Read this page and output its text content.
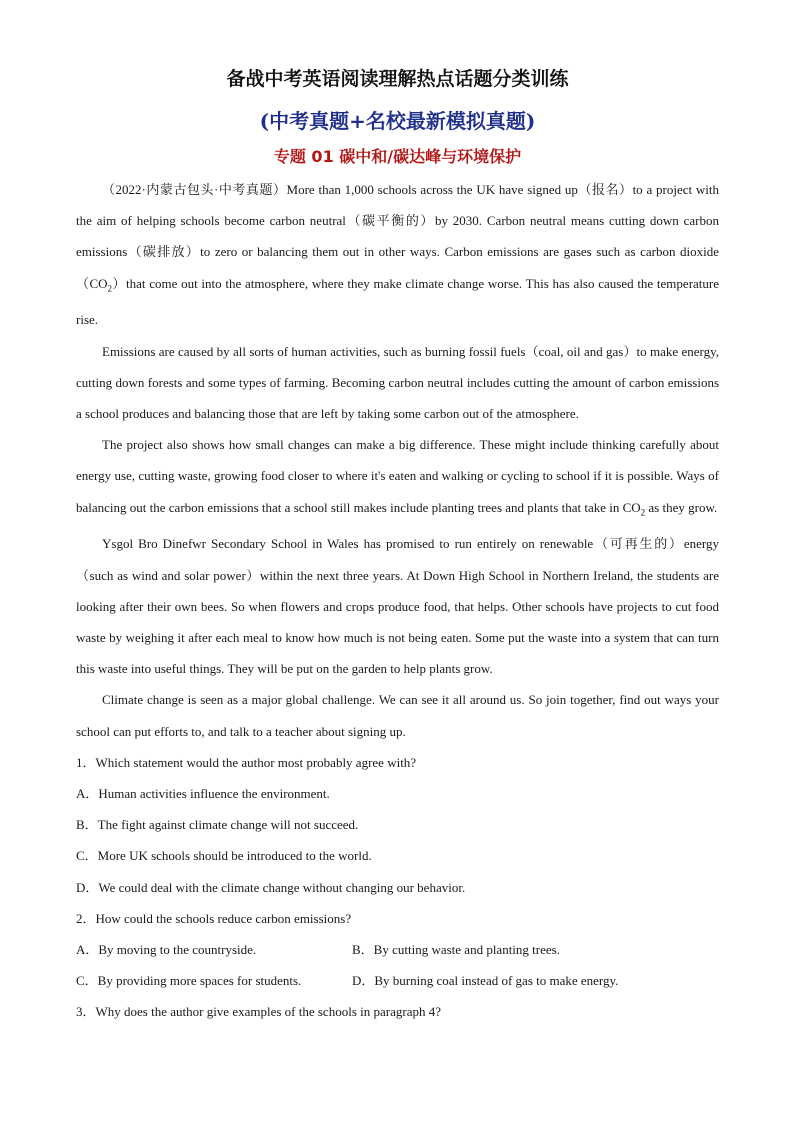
备战中考英语阅读理解热点话题分类训练
(中考真题+名校最新模拟真题)
专题 01 碳中和/碳达峰与环境保护

（2022·内蒙古包头·中考真题）More than 1,000 schools across the UK have signed up（报名）to a project with the aim of helping schools become carbon neutral（碳平衡的）by 2030. Carbon neutral means cutting down carbon emissions（碳排放）to zero or balancing them out in other ways. Carbon emissions are gases such as carbon $dioxide(CO_2)that$ come out into the atmosphere, where they make climate change worse. This has also caused the temperature rise.

Emissions are caused by all sorts of human activities, such as burning fossil fuels（coal, oil and gas）to make energy, cutting down forests and some types of farming. Becoming carbon neutral includes cutting the amount of carbon emissions a school produces and balancing those that are left by taking some carbon out of the atmosphere.

The project also shows how small changes can make a big difference. These might include thinking carefully about energy use, cutting waste, growing food closer to where it's eaten and walking or cycling to school if it is possible. Ways of balancing out the carbon emissions that a school still makes include planting trees and plants that take in $CO_2$ as they grow.

Ysgol Bro Dinefwr Secondary School in Wales has promised to run entirely on renewable（可再生的）energy（such as wind and solar power）within the next three years. At Down High School in Northern Ireland, the students are looking after their own bees. So when flowers and crops produce food, that helps. Other schools have projects to cut food waste by weighing it after each meal to know how much is not being eaten. Some put the waste into a system that can turn this waste into useful things. They will be put on the garden to help plants grow.

Climate change is seen as a major global challenge. We can see it all around us. So join together, find out ways your school can put efforts to, and talk to a teacher about signing up.

1．Which statement would the author most probably agree with?

A．Human activities influence the environment.

B．The fight against climate change will not succeed.

C．More UK schools should be introduced to the world.

D．We could deal with the climate change without changing our behavior.

2．How could the schools reduce carbon emissions?

A．By moving to the countryside.	B．By cutting waste and planting trees.
C．By providing more spaces for students.	D．By burning coal instead of gas to make energy.

3．Why does the author give examples of the schools in paragraph 4?
